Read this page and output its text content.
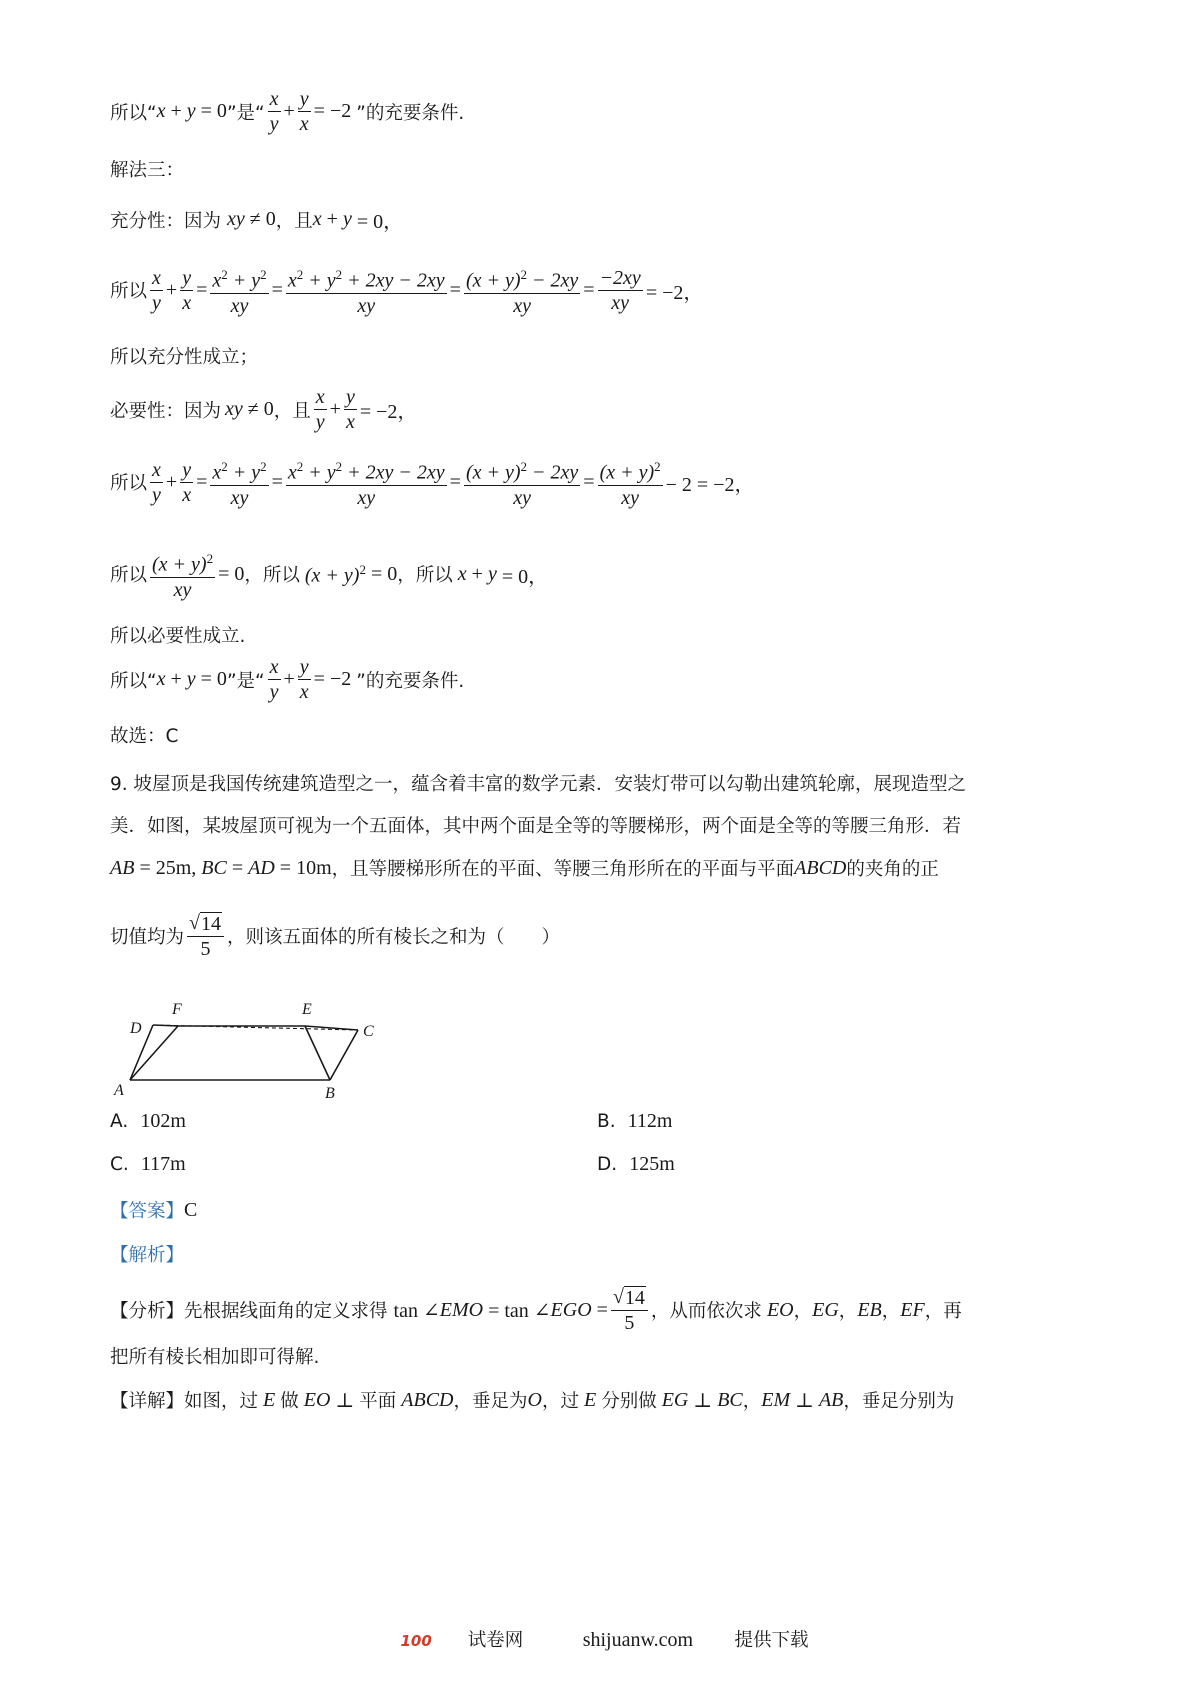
所以“ x + y = 0 ”是“ $\frac{x}{y} + \frac{y}{x} = -2$ ”的充要条件.
解法三：
充分性：因为 xy ≠ 0 ，且 x + y = 0，
所以 $\frac{x}{y} + \frac{y}{x} = \frac{x^2 + y^2}{xy} = \frac{x^2 + y^2 + 2xy - 2xy}{xy} = \frac{(x + y)^2 - 2xy}{xy} = \frac{-2xy}{xy} = -2$，
所以充分性成立；
必要性：因为 xy ≠ 0 ，且 $\frac{x}{y} + \frac{y}{x} = -2$，
所以 $\frac{x}{y} + \frac{y}{x} = \frac{x^2 + y^2}{xy} = \frac{x^2 + y^2 + 2xy - 2xy}{xy} = \frac{(x + y)^2 - 2xy}{xy} = \frac{(x + y)^2}{xy} - 2 = -2$，
所以 $\frac{(x + y)^2}{xy} = 0$ ，所以 $(x + y)^2 = 0$ ，所以 x + y = 0，
所以必要性成立.
所以“ x + y = 0 ”是“ $\frac{x}{y} + \frac{y}{x} = -2$ ”的充要条件.
故选：C
9. 坡屋顶是我国传统建筑造型之一，蕴含着丰富的数学元素．安装灯带可以勾勒出建筑轮廓，展现造型之
美．如图，某坡屋顶可视为一个五面体，其中两个面是全等的等腰梯形，两个面是全等的等腰三角形．若
AB = 25m, BC = AD = 10m ，且等腰梯形所在的平面、等腰三角形所在的平面与平面 ABCD 的夹角的正
切值均为 $\frac{√ 14}{5}$ ，则该五面体的所有棱长之和为（　　）
A	B
C
D
E
F
A. 102m	B. 112m
C. 117m	D. 125m
【答案】 C
【解析】
【分析】 先根据线面角的定义求得 tan ∠ EMO = tan ∠ EGO = $\frac{√ 14}{5}$ ，从而依次求 EO ， EG ， EB ， EF ，再
把所有棱长相加即可得解.
【详解】 如图，过 E 做 EO ⊥ 平面 ABCD ，垂足为 O ，过 E 分别做 EG ⊥ BC ， EM ⊥ AB ，垂足分别为
100 试卷网	shijuanw.com 提供下载
